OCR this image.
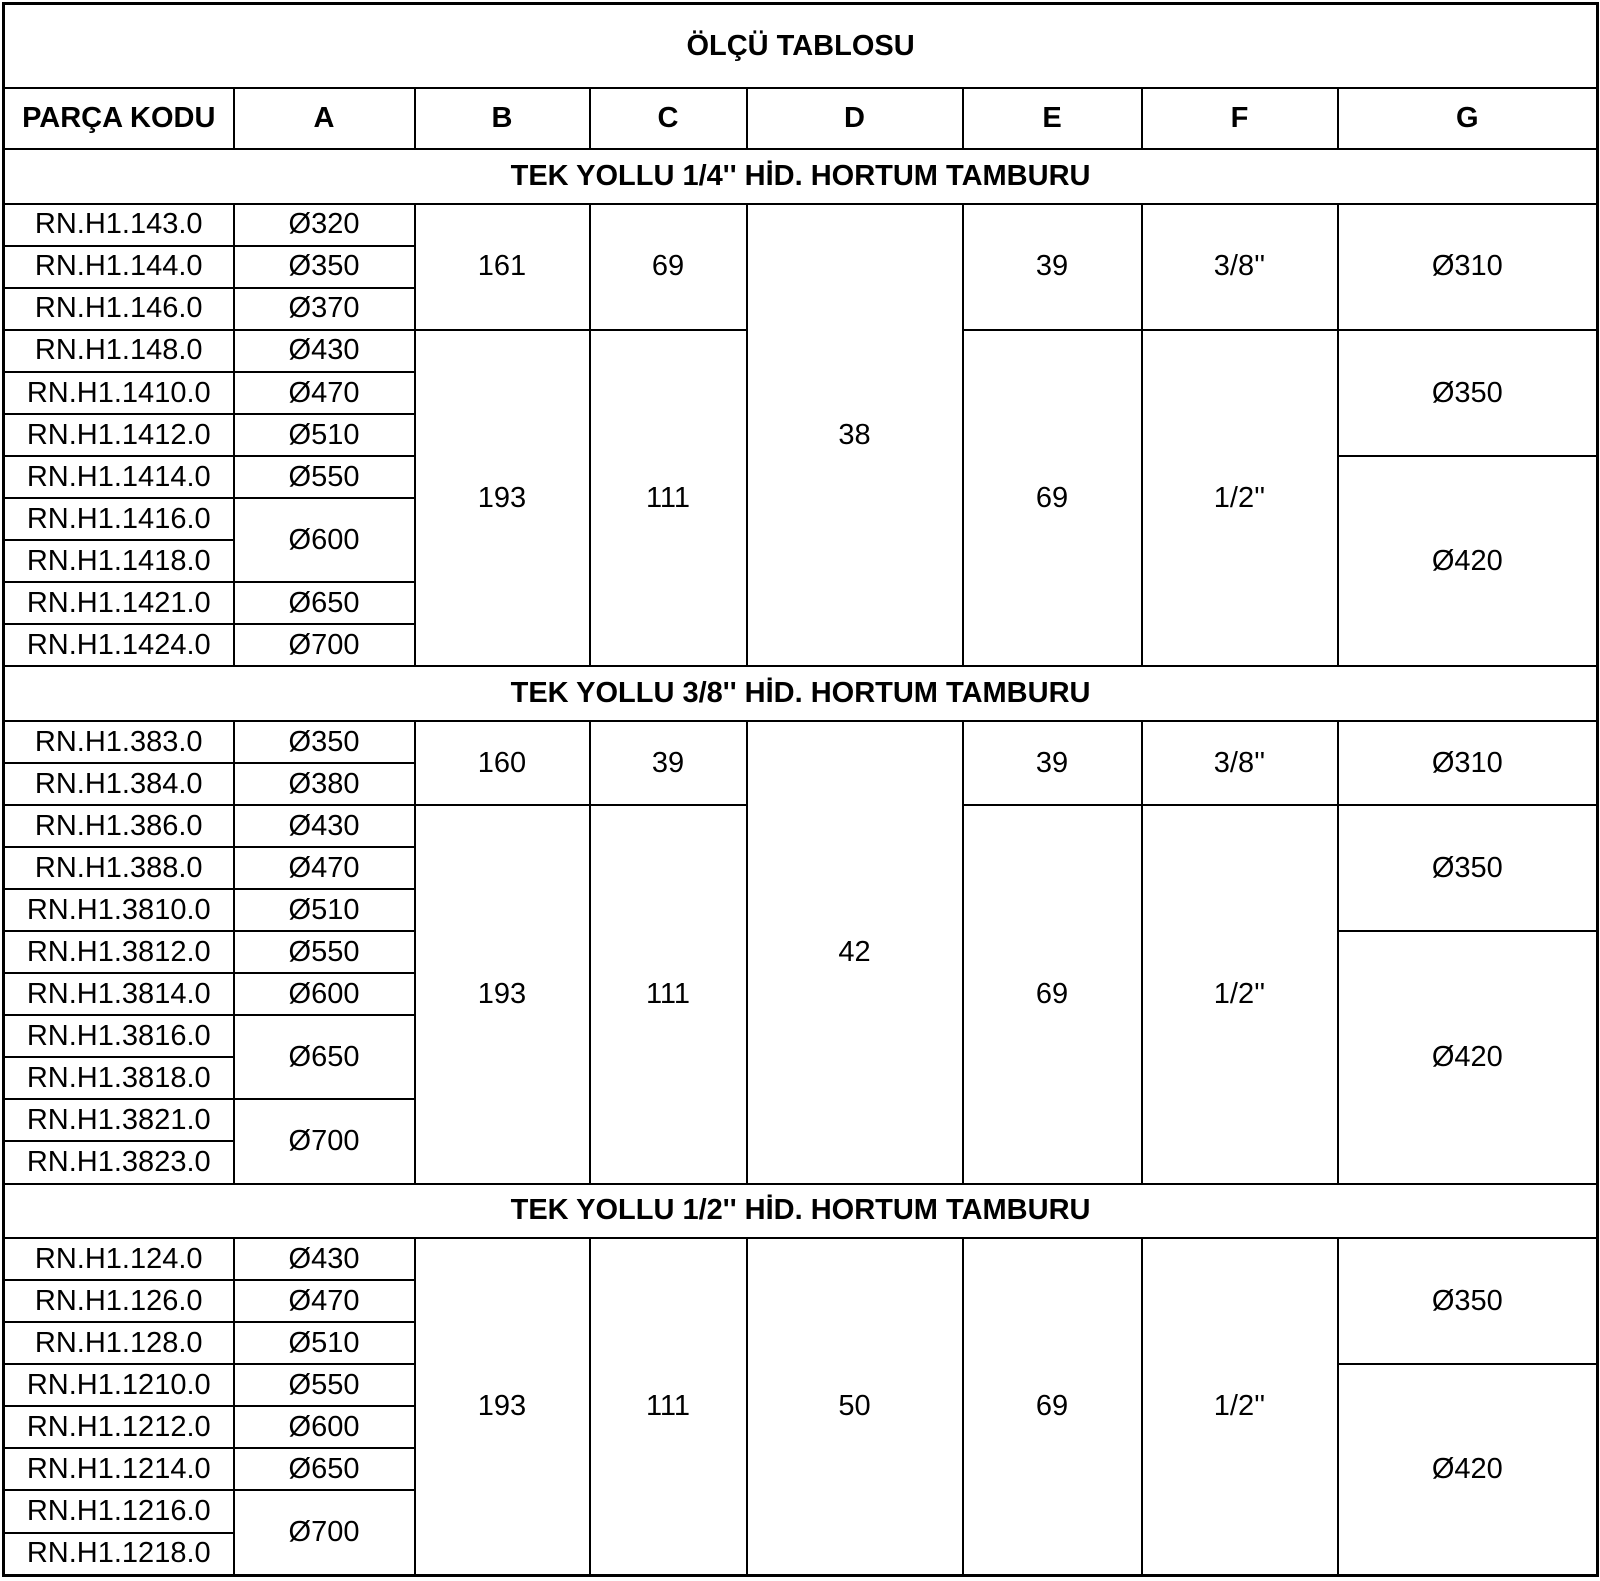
ÖLÇÜ TABLOSU							
PARÇA KODU	A	B	C	D	E	F	G
TEK YOLLU 1/4'' HİD. HORTUM TAMBURU							
RN.H1.143.0	Ø320	161	69	38	39	3/8''	Ø310
RN.H1.144.0	Ø350						
RN.H1.146.0	Ø370						
RN.H1.148.0	Ø430	193	111		69	1/2''	Ø350
RN.H1.1410.0	Ø470						
RN.H1.1412.0	Ø510						
RN.H1.1414.0	Ø550						Ø420
RN.H1.1416.0	Ø600						
RN.H1.1418.0							
RN.H1.1421.0	Ø650						
RN.H1.1424.0	Ø700						
TEK YOLLU 3/8'' HİD. HORTUM TAMBURU							
RN.H1.383.0	Ø350	160	39	42	39	3/8''	Ø310
RN.H1.384.0	Ø380						
RN.H1.386.0	Ø430	193	111		69	1/2''	Ø350
RN.H1.388.0	Ø470						
RN.H1.3810.0	Ø510						
RN.H1.3812.0	Ø550						Ø420
RN.H1.3814.0	Ø600						
RN.H1.3816.0	Ø650						
RN.H1.3818.0							
RN.H1.3821.0	Ø700						
RN.H1.3823.0							
TEK YOLLU 1/2'' HİD. HORTUM TAMBURU							
RN.H1.124.0	Ø430	193	111	50	69	1/2''	Ø350
RN.H1.126.0	Ø470						
RN.H1.128.0	Ø510						
RN.H1.1210.0	Ø550						Ø420
RN.H1.1212.0	Ø600						
RN.H1.1214.0	Ø650						
RN.H1.1216.0	Ø700						
RN.H1.1218.0							
